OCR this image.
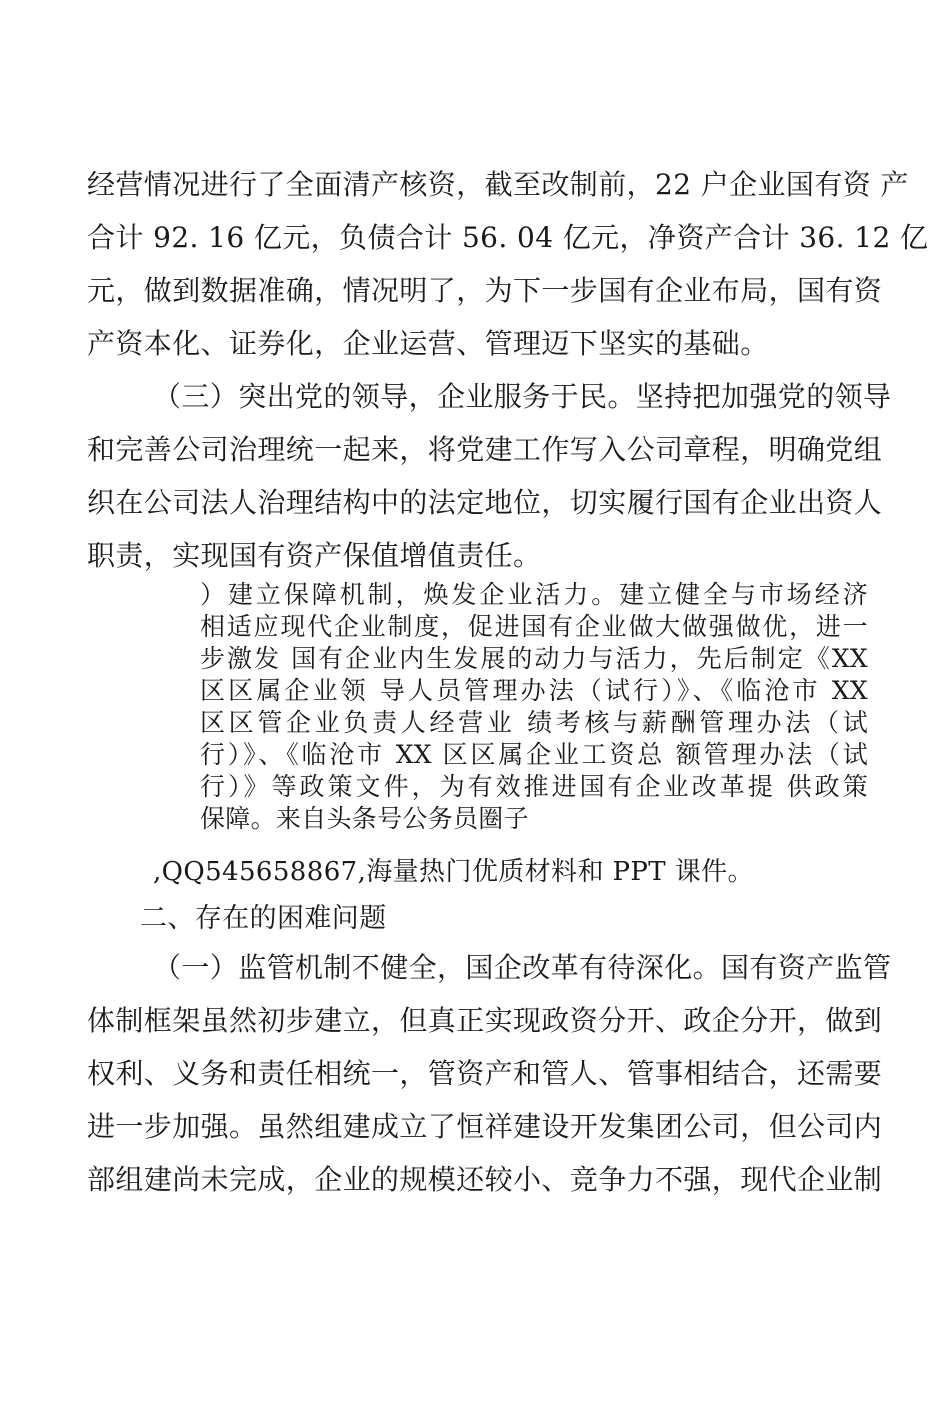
经营情况进行了全面清产核资，截至改制前，22 户企业国有资 产
合计 92. 16 亿元，负债合计 56. 04 亿元，净资产合计 36. 12 亿
元，做到数据准确，情况明了，为下一步国有企业布局，国有资
产资本化、证券化，企业运营、管理迈下坚实的基础。
（三）突出党的领导，企业服务于民。坚持把加强党的领导
和完善公司治理统一起来，将党建工作写入公司章程，明确党组
织在公司法人治理结构中的法定地位，切实履行国有企业出资人
职责，实现国有资产保值增值责任。
）建立保障机制，焕发企业活力。建立健全与市场经济
相适应现代企业制度，促进国有企业做大做强做优，进一
步激发 国有企业内生发展的动力与活力，先后制定《XX
区区属企业领 导人员管理办法（试行）》、《临沧市 XX
区区管企业负责人经营业 绩考核与薪酬管理办法（试
行）》、《临沧市 XX 区区属企业工资总 额管理办法（试
行）》等政策文件，为有效推进国有企业改革提 供政策
保障。来自头条号公务员圈子
,QQ545658867,海量热门优质材料和 PPT 课件。
二、存在的困难问题
（一）监管机制不健全，国企改革有待深化。国有资产监管
体制框架虽然初步建立，但真正实现政资分开、政企分开，做到
权利、义务和责任相统一，管资产和管人、管事相结合，还需要
进一步加强。虽然组建成立了恒祥建设开发集团公司，但公司内
部组建尚未完成，企业的规模还较小、竞争力不强，现代企业制
